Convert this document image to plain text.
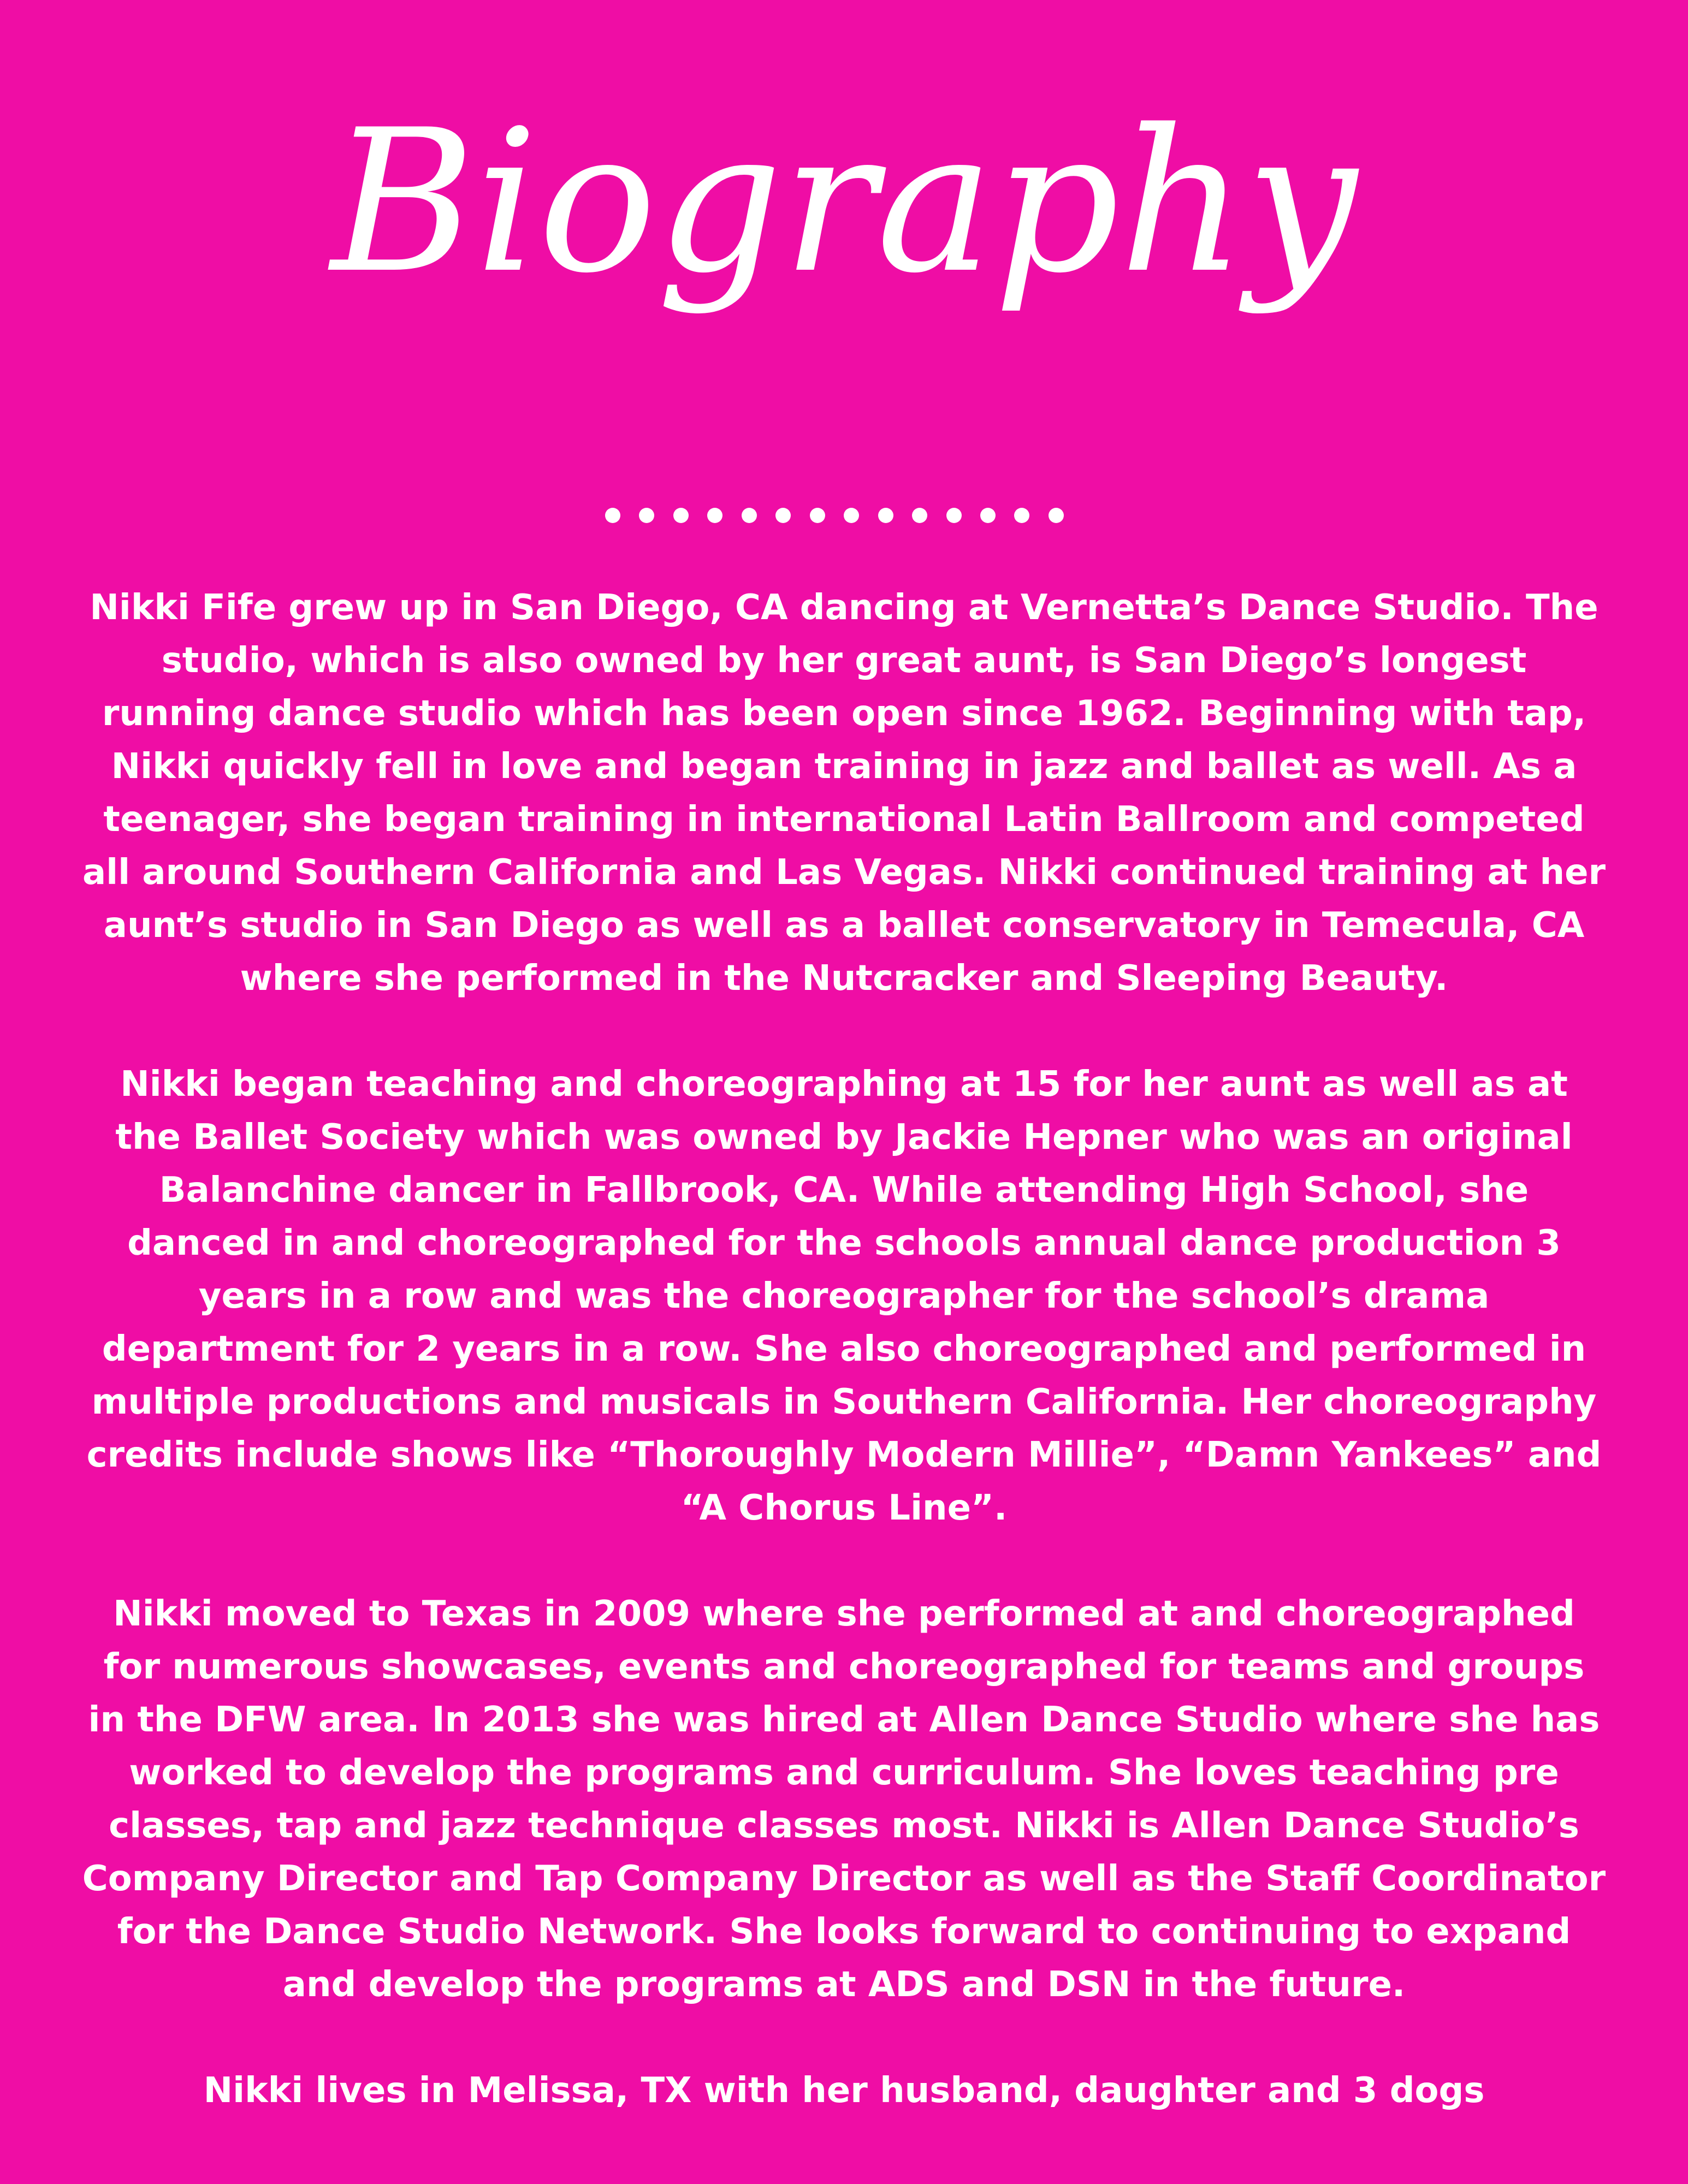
Biography

Nikki Fife grew up in San Diego, CA dancing at Vernetta’s Dance Studio. The studio, which is also owned by her great aunt, is San Diego’s longest running dance studio which has been open since 1962. Beginning with tap, Nikki quickly fell in love and began training in jazz and ballet as well. As a teenager, she began training in international Latin Ballroom and competed all around Southern California and Las Vegas. Nikki continued training at her aunt’s studio in San Diego as well as a ballet conservatory in Temecula, CA where she performed in the Nutcracker and Sleeping Beauty.

Nikki began teaching and choreographing at 15 for her aunt as well as at the Ballet Society which was owned by Jackie Hepner who was an original Balanchine dancer in Fallbrook, CA. While attending High School, she danced in and choreographed for the schools annual dance production 3 years in a row and was the choreographer for the school’s drama department for 2 years in a row. She also choreographed and performed in multiple productions and musicals in Southern California. Her choreography credits include shows like “Thoroughly Modern Millie”, “Damn Yankees” and “A Chorus Line”.

Nikki moved to Texas in 2009 where she performed at and choreographed for numerous showcases, events and choreographed for teams and groups in the DFW area. In 2013 she was hired at Allen Dance Studio where she has worked to develop the programs and curriculum. She loves teaching pre classes, tap and jazz technique classes most. Nikki is Allen Dance Studio’s Company Director and Tap Company Director as well as the Staff Coordinator for the Dance Studio Network. She looks forward to continuing to expand and develop the programs at ADS and DSN in the future.

Nikki lives in Melissa, TX with her husband, daughter and 3 dogs
